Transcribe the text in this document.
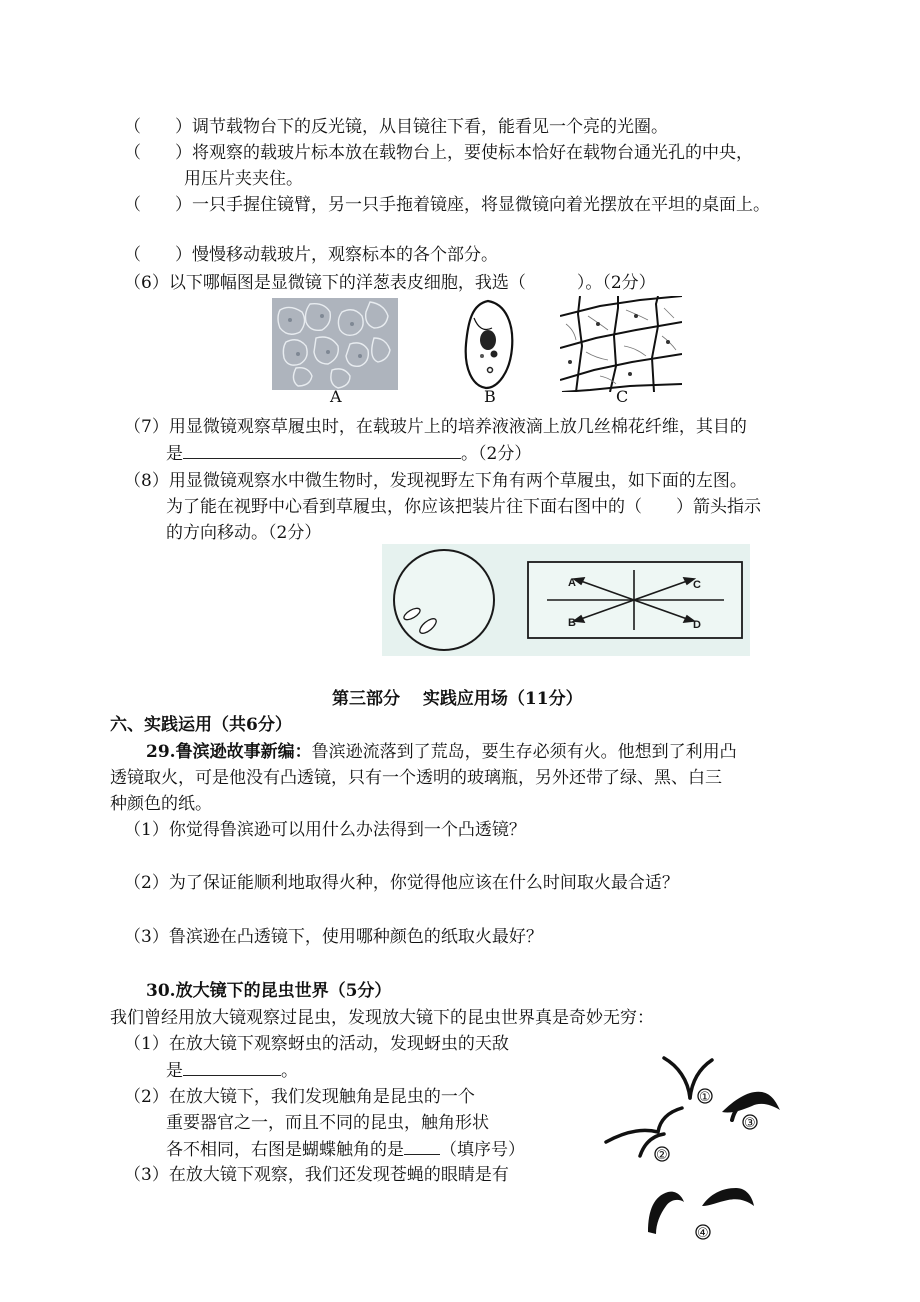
（　　）调节载物台下的反光镜，从目镜往下看，能看见一个亮的光圈。
（　　）将观察的载玻片标本放在载物台上，要使标本恰好在载物台通光孔的中央，
用压片夹夹住。
（　　）一只手握住镜臂，另一只手拖着镜座，将显微镜向着光摆放在平坦的桌面上。
（　　）慢慢移动载玻片，观察标本的各个部分。
（6）以下哪幅图是显微镜下的洋葱表皮细胞，我选（　　　）。（2分）
A	B	C
（7）用显微镜观察草履虫时，在载玻片上的培养液液滴上放几丝棉花纤维，其目的
是	。（2分）
（8）用显微镜观察水中微生物时，发现视野左下角有两个草履虫，如下面的左图。
为了能在视野中心看到草履虫，你应该把装片往下面右图中的（　　）箭头指示
的方向移动。（2分）
A
B
C
D
第三部分　 实践应用场（11分）
六、实践运用（共6分）
29.鲁滨逊故事新编：鲁滨逊流落到了荒岛，要生存必须有火。他想到了利用凸
透镜取火，可是他没有凸透镜，只有一个透明的玻璃瓶，另外还带了绿、黑、白三
种颜色的纸。
（1）你觉得鲁滨逊可以用什么办法得到一个凸透镜？
（2）为了保证能顺利地取得火种，你觉得他应该在什么时间取火最合适？
（3）鲁滨逊在凸透镜下，使用哪种颜色的纸取火最好？
30.放大镜下的昆虫世界（5分）
我们曾经用放大镜观察过昆虫，发现放大镜下的昆虫世界真是奇妙无穷：
（1）在放大镜下观察蚜虫的活动，发现蚜虫的天敌
是	。
（2）在放大镜下，我们发现触角是昆虫的一个
重要器官之一，而且不同的昆虫，触角形状
各不相同，右图是蝴蝶触角的是 （填序号）
（3）在放大镜下观察，我们还发现苍蝇的眼睛是有
①
②
③
④
